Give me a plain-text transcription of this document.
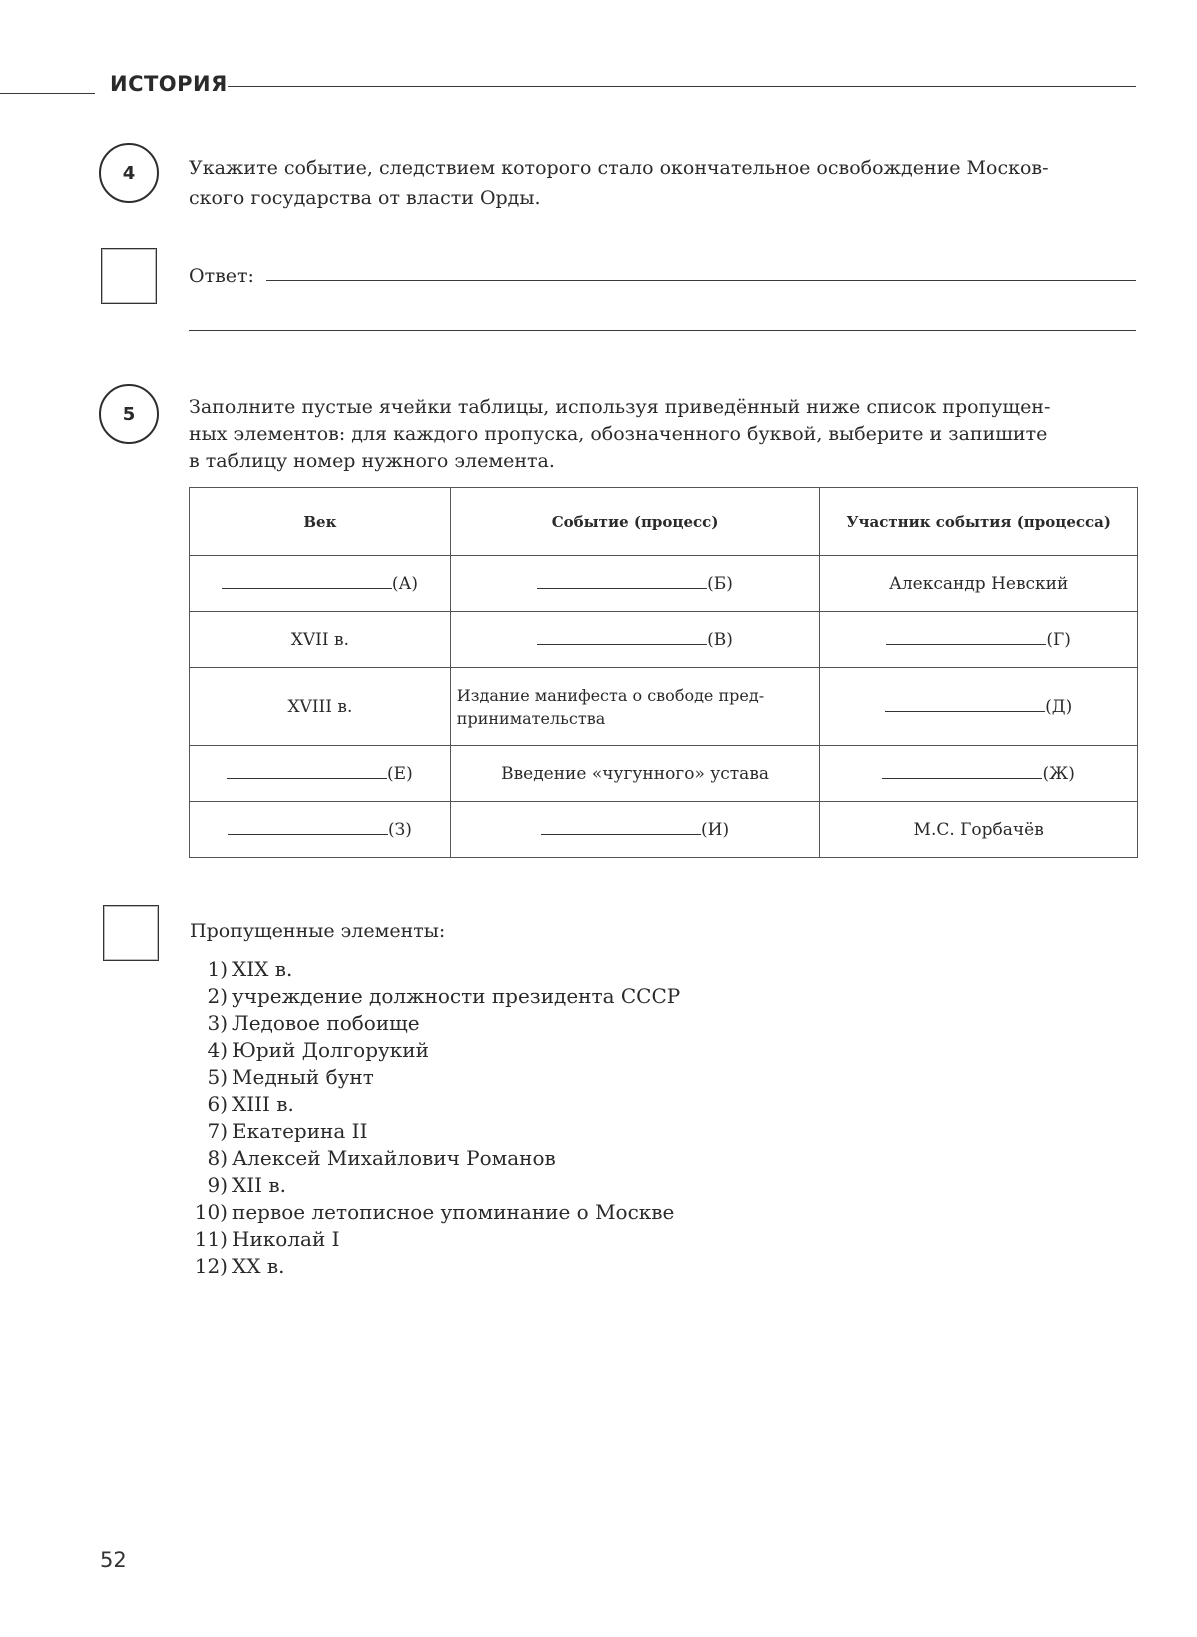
ИСТОРИЯ
4	Укажите событие, следствием которого стало окончательное освобождение Москов-
ского государства от власти Орды.
Ответ:
5	Заполните пустые ячейки таблицы, используя приведённый ниже список пропущен-
ных элементов: для каждого пропуска, обозначенного буквой, выберите и запишите
в таблицу номер нужного элемента.
Век	Событие (процесс)	Участник события (процесса)
(А)	(Б)	Александр Невский
XVII в.	(В)	(Г)
XVIII в.	Издание манифеста о свободе пред-
принимательства	(Д)
(Е)	Введение «чугунного» устава	(Ж)
(З)	(И)	М.С. Горбачёв
Пропущенные элементы:
1) XIX в.
2) учреждение должности президента СССР
3) Ледовое побоище
4) Юрий Долгорукий
5) Медный бунт
6) XIII в.
7) Екатерина II
8) Алексей Михайлович Романов
9) XII в.
10) первое летописное упоминание о Москве
11) Николай I
12) XX в.
52
